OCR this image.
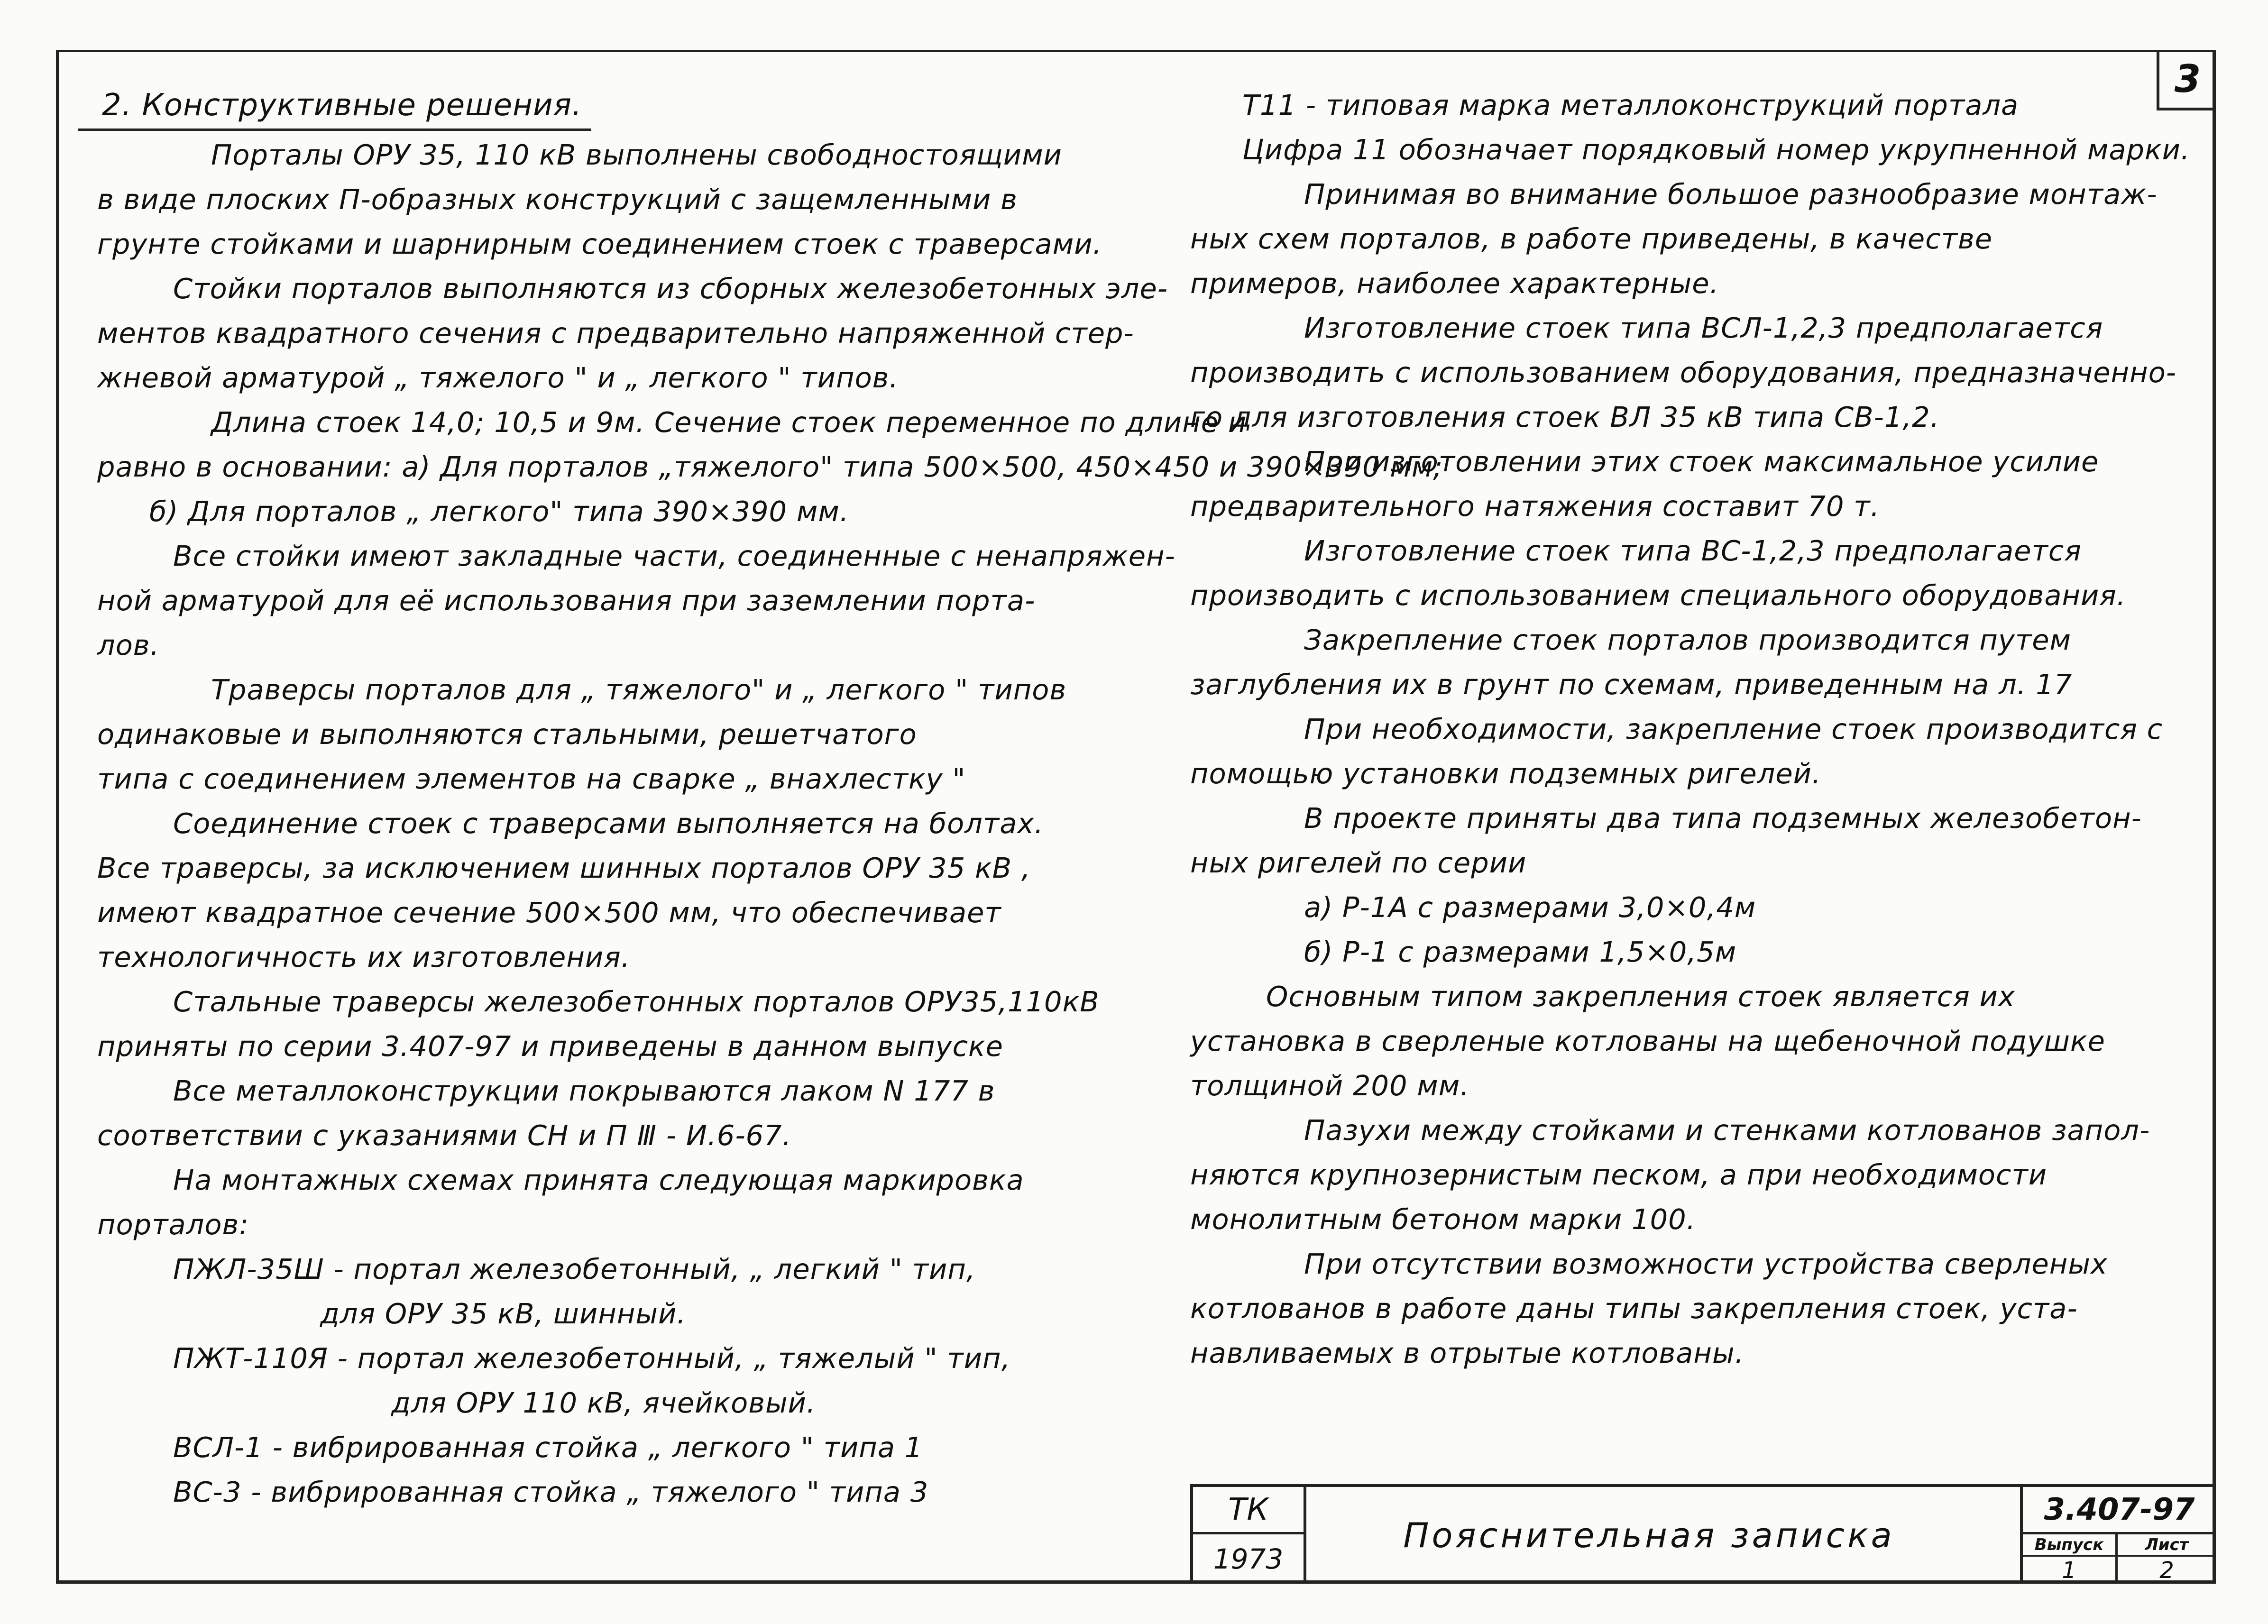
3
2. Конструктивные решения.
Порталы ОРУ 35, 110 кВ выполнены свободностоящими
в виде плоских П-образных конструкций с защемленными в
грунте стойками и шарнирным соединением стоек с траверсами.
Стойки порталов выполняются из сборных железобетонных эле-
ментов квадратного сечения с предварительно напряженной стер-
жневой арматурой „ тяжелого " и „ легкого " типов.
Длина стоек 14,0; 10,5 и 9м. Сечение стоек переменное по длине и
равно в основании: а) Для порталов „тяжелого" типа 500×500, 450×450 и 390×390 мм;
б) Для порталов „ легкого" типа 390×390 мм.
Все стойки имеют закладные части, соединенные с ненапряжен-
ной арматурой для её использования при заземлении порта-
лов.
Траверсы порталов для „ тяжелого" и „ легкого " типов
одинаковые и выполняются стальными, решетчатого
типа с соединением элементов на сварке „ внахлестку "
Соединение стоек с траверсами выполняется на болтах.
Все траверсы, за исключением шинных порталов ОРУ 35 кВ ,
имеют квадратное сечение 500×500 мм, что обеспечивает
технологичность их изготовления.
Стальные траверсы железобетонных порталов ОРУ35,110кВ
приняты по серии 3.407-97 и приведены в данном выпуске
Все металлоконструкции покрываются лаком N 177 в
соответствии с указаниями СН и П Ⅲ - И.6-67.
На монтажных схемах принята следующая маркировка
порталов:
ПЖЛ-35Ш - портал железобетонный, „ легкий " тип,
для ОРУ 35 кВ, шинный.
ПЖТ-110Я - портал железобетонный, „ тяжелый " тип,
для ОРУ 110 кВ, ячейковый.
ВСЛ-1 - вибрированная стойка „ легкого " типа 1
ВС-3 - вибрированная стойка „ тяжелого " типа 3
Т11 - типовая марка металлоконструкций портала
Цифра 11 обозначает порядковый номер укрупненной марки.
Принимая во внимание большое разнообразие монтаж-
ных схем порталов, в работе приведены, в качестве
примеров, наиболее характерные.
Изготовление стоек типа ВСЛ-1,2,3 предполагается
производить с использованием оборудования, предназначенно-
го для изготовления стоек ВЛ 35 кВ типа СВ-1,2.
При изготовлении этих стоек максимальное усилие
предварительного натяжения составит 70 т.
Изготовление стоек типа ВС-1,2,3 предполагается
производить с использованием специального оборудования.
Закрепление стоек порталов производится путем
заглубления их в грунт по схемам, приведенным на л. 17
При необходимости, закрепление стоек производится с
помощью установки подземных ригелей.
В проекте приняты два типа подземных железобетон-
ных ригелей по серии
а) Р-1А с размерами 3,0×0,4м
б) Р-1 с размерами 1,5×0,5м
Основным типом закрепления стоек является их
установка в сверленые котлованы на щебеночной подушке
толщиной 200 мм.
Пазухи между стойками и стенками котлованов запол-
няются крупнозернистым песком, а при необходимости
монолитным бетоном марки 100.
При отсутствии возможности устройства сверленых
котлованов в работе даны типы закрепления стоек, уста-
навливаемых в отрытые котлованы.
ТК
1973
Пояснительная записка
3.407-97
Выпуск
1
Лист
2
